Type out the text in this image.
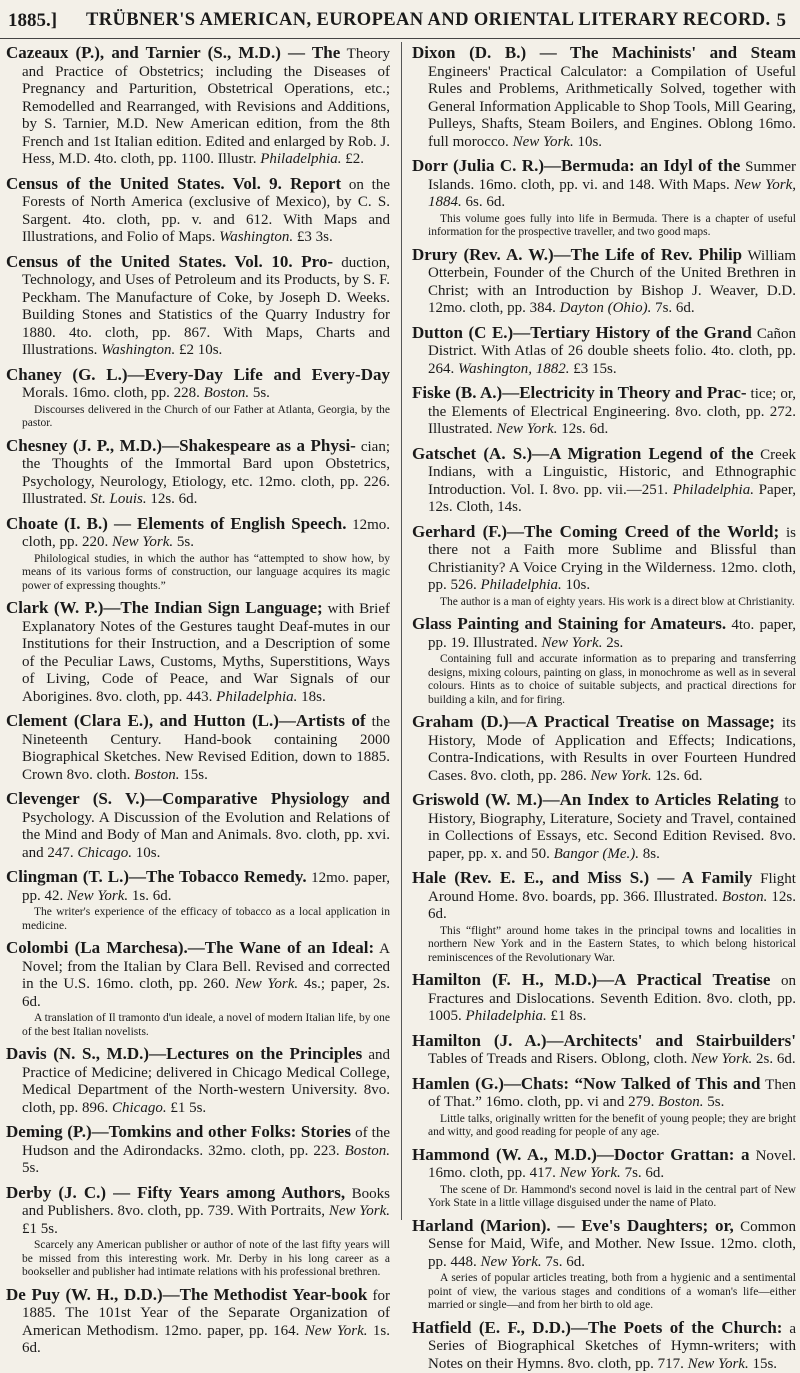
1885.] TRÜBNER'S AMERICAN, EUROPEAN AND ORIENTAL LITERARY RECORD. 5

Cazeaux (P.), and Tarnier (S., M.D.) — The Theory and Practice of Obstetrics; including the Diseases of Pregnancy and Parturition, Obstetrical Operations, etc.; Remodelled and Rearranged, with Revisions and Additions, by S. Tarnier, M.D. New American edition, from the 8th French and 1st Italian edition. Edited and enlarged by Rob. J. Hess, M.D. 4to. cloth, pp. 1100. Illustr. Philadelphia. £2.

Census of the United States. Vol. 9. Report on the Forests of North America (exclusive of Mexico), by C. S. Sargent. 4to. cloth, pp. v. and 612. With Maps and Illustrations, and Folio of Maps. Washington. £3 3s.

Census of the United States. Vol. 10. Pro- duction, Technology, and Uses of Petroleum and its Products, by S. F. Peckham. The Manufacture of Coke, by Joseph D. Weeks. Building Stones and Statistics of the Quarry Industry for 1880. 4to. cloth, pp. 867. With Maps, Charts and Illustrations. Washington. £2 10s.

Chaney (G. L.)—Every-Day Life and Every-Day Morals. 16mo. cloth, pp. 228. Boston. 5s.

Discourses delivered in the Church of our Father at Atlanta, Georgia, by the pastor.

Chesney (J. P., M.D.)—Shakespeare as a Physi- cian; the Thoughts of the Immortal Bard upon Obstetrics, Psychology, Neurology, Etiology, etc. 12mo. cloth, pp. 226. Illustrated. St. Louis. 12s. 6d.

Choate (I. B.) — Elements of English Speech. 12mo. cloth, pp. 220. New York. 5s.

Philological studies, in which the author has “attempted to show how, by means of its various forms of construction, our language acquires its magic power of expressing thoughts.”

Clark (W. P.)—The Indian Sign Language; with Brief Explanatory Notes of the Gestures taught Deaf-mutes in our Institutions for their Instruction, and a Description of some of the Peculiar Laws, Customs, Myths, Superstitions, Ways of Living, Code of Peace, and War Signals of our Aborigines. 8vo. cloth, pp. 443. Philadelphia. 18s.

Clement (Clara E.), and Hutton (L.)—Artists of the Nineteenth Century. Hand-book containing 2000 Biographical Sketches. New Revised Edition, down to 1885. Crown 8vo. cloth. Boston. 15s.

Clevenger (S. V.)—Comparative Physiology and Psychology. A Discussion of the Evolution and Relations of the Mind and Body of Man and Animals. 8vo. cloth, pp. xvi. and 247. Chicago. 10s.

Clingman (T. L.)—The Tobacco Remedy. 12mo. paper, pp. 42. New York. 1s. 6d.

The writer's experience of the efficacy of tobacco as a local application in medicine.

Colombi (La Marchesa).—The Wane of an Ideal: A Novel; from the Italian by Clara Bell. Revised and corrected in the U.S. 16mo. cloth, pp. 260. New York. 4s.; paper, 2s. 6d.

A translation of Il tramonto d'un ideale, a novel of modern Italian life, by one of the best Italian novelists.

Davis (N. S., M.D.)—Lectures on the Principles and Practice of Medicine; delivered in Chicago Medical College, Medical Department of the North-western University. 8vo. cloth, pp. 896. Chicago. £1 5s.

Deming (P.)—Tomkins and other Folks: Stories of the Hudson and the Adirondacks. 32mo. cloth, pp. 223. Boston. 5s.

Derby (J. C.) — Fifty Years among Authors, Books and Publishers. 8vo. cloth, pp. 739. With Portraits, New York. £1 5s.

Scarcely any American publisher or author of note of the last fifty years will be missed from this interesting work. Mr. Derby in his long career as a bookseller and publisher had intimate relations with his professional brethren.

De Puy (W. H., D.D.)—The Methodist Year-book for 1885. The 101st Year of the Separate Organization of American Methodism. 12mo. paper, pp. 164. New York. 1s. 6d.

Dixon (D. B.) — The Machinists' and Steam Engineers' Practical Calculator: a Compilation of Useful Rules and Problems, Arithmetically Solved, together with General Information Applicable to Shop Tools, Mill Gearing, Pulleys, Shafts, Steam Boilers, and Engines. Oblong 16mo. full morocco. New York. 10s.

Dorr (Julia C. R.)—Bermuda: an Idyl of the Summer Islands. 16mo. cloth, pp. vi. and 148. With Maps. New York, 1884. 6s. 6d.

This volume goes fully into life in Bermuda. There is a chapter of useful information for the prospective traveller, and two good maps.

Drury (Rev. A. W.)—The Life of Rev. Philip William Otterbein, Founder of the Church of the United Brethren in Christ; with an Introduction by Bishop J. Weaver, D.D. 12mo. cloth, pp. 384. Dayton (Ohio). 7s. 6d.

Dutton (C E.)—Tertiary History of the Grand Cañon District. With Atlas of 26 double sheets folio. 4to. cloth, pp. 264. Washington, 1882. £3 15s.

Fiske (B. A.)—Electricity in Theory and Prac- tice; or, the Elements of Electrical Engineering. 8vo. cloth, pp. 272. Illustrated. New York. 12s. 6d.

Gatschet (A. S.)—A Migration Legend of the Creek Indians, with a Linguistic, Historic, and Ethnographic Introduction. Vol. I. 8vo. pp. vii.—251. Philadelphia. Paper, 12s. Cloth, 14s.

Gerhard (F.)—The Coming Creed of the World; is there not a Faith more Sublime and Blissful than Christianity? A Voice Crying in the Wilderness. 12mo. cloth, pp. 526. Philadelphia. 10s.

The author is a man of eighty years. His work is a direct blow at Christianity.

Glass Painting and Staining for Amateurs. 4to. paper, pp. 19. Illustrated. New York. 2s.

Containing full and accurate information as to preparing and transferring designs, mixing colours, painting on glass, in monochrome as well as in several colours. Hints as to choice of suitable subjects, and practical directions for building a kiln, and for firing.

Graham (D.)—A Practical Treatise on Massage; its History, Mode of Application and Effects; Indications, Contra-Indications, with Results in over Fourteen Hundred Cases. 8vo. cloth, pp. 286. New York. 12s. 6d.

Griswold (W. M.)—An Index to Articles Relating to History, Biography, Literature, Society and Travel, contained in Collections of Essays, etc. Second Edition Revised. 8vo. paper, pp. x. and 50. Bangor (Me.). 8s.

Hale (Rev. E. E., and Miss S.) — A Family Flight Around Home. 8vo. boards, pp. 366. Illustrated. Boston. 12s. 6d.

This “flight” around home takes in the principal towns and localities in northern New York and in the Eastern States, to which belong historical reminiscences of the Revolutionary War.

Hamilton (F. H., M.D.)—A Practical Treatise on Fractures and Dislocations. Seventh Edition. 8vo. cloth, pp. 1005. Philadelphia. £1 8s.

Hamilton (J. A.)—Architects' and Stairbuilders' Tables of Treads and Risers. Oblong, cloth. New York. 2s. 6d.

Hamlen (G.)—Chats: “Now Talked of This and Then of That.” 16mo. cloth, pp. vi and 279. Boston. 5s.

Little talks, originally written for the benefit of young people; they are bright and witty, and good reading for people of any age.

Hammond (W. A., M.D.)—Doctor Grattan: a Novel. 16mo. cloth, pp. 417. New York. 7s. 6d.

The scene of Dr. Hammond's second novel is laid in the central part of New York State in a little village disguised under the name of Plato.

Harland (Marion). — Eve's Daughters; or, Common Sense for Maid, Wife, and Mother. New Issue. 12mo. cloth, pp. 448. New York. 7s. 6d.

A series of popular articles treating, both from a hygienic and a sentimental point of view, the various stages and conditions of a woman's life—either married or single—and from her birth to old age.

Hatfield (E. F., D.D.)—The Poets of the Church: a Series of Biographical Sketches of Hymn-writers; with Notes on their Hymns. 8vo. cloth, pp. 717. New York. 15s.
